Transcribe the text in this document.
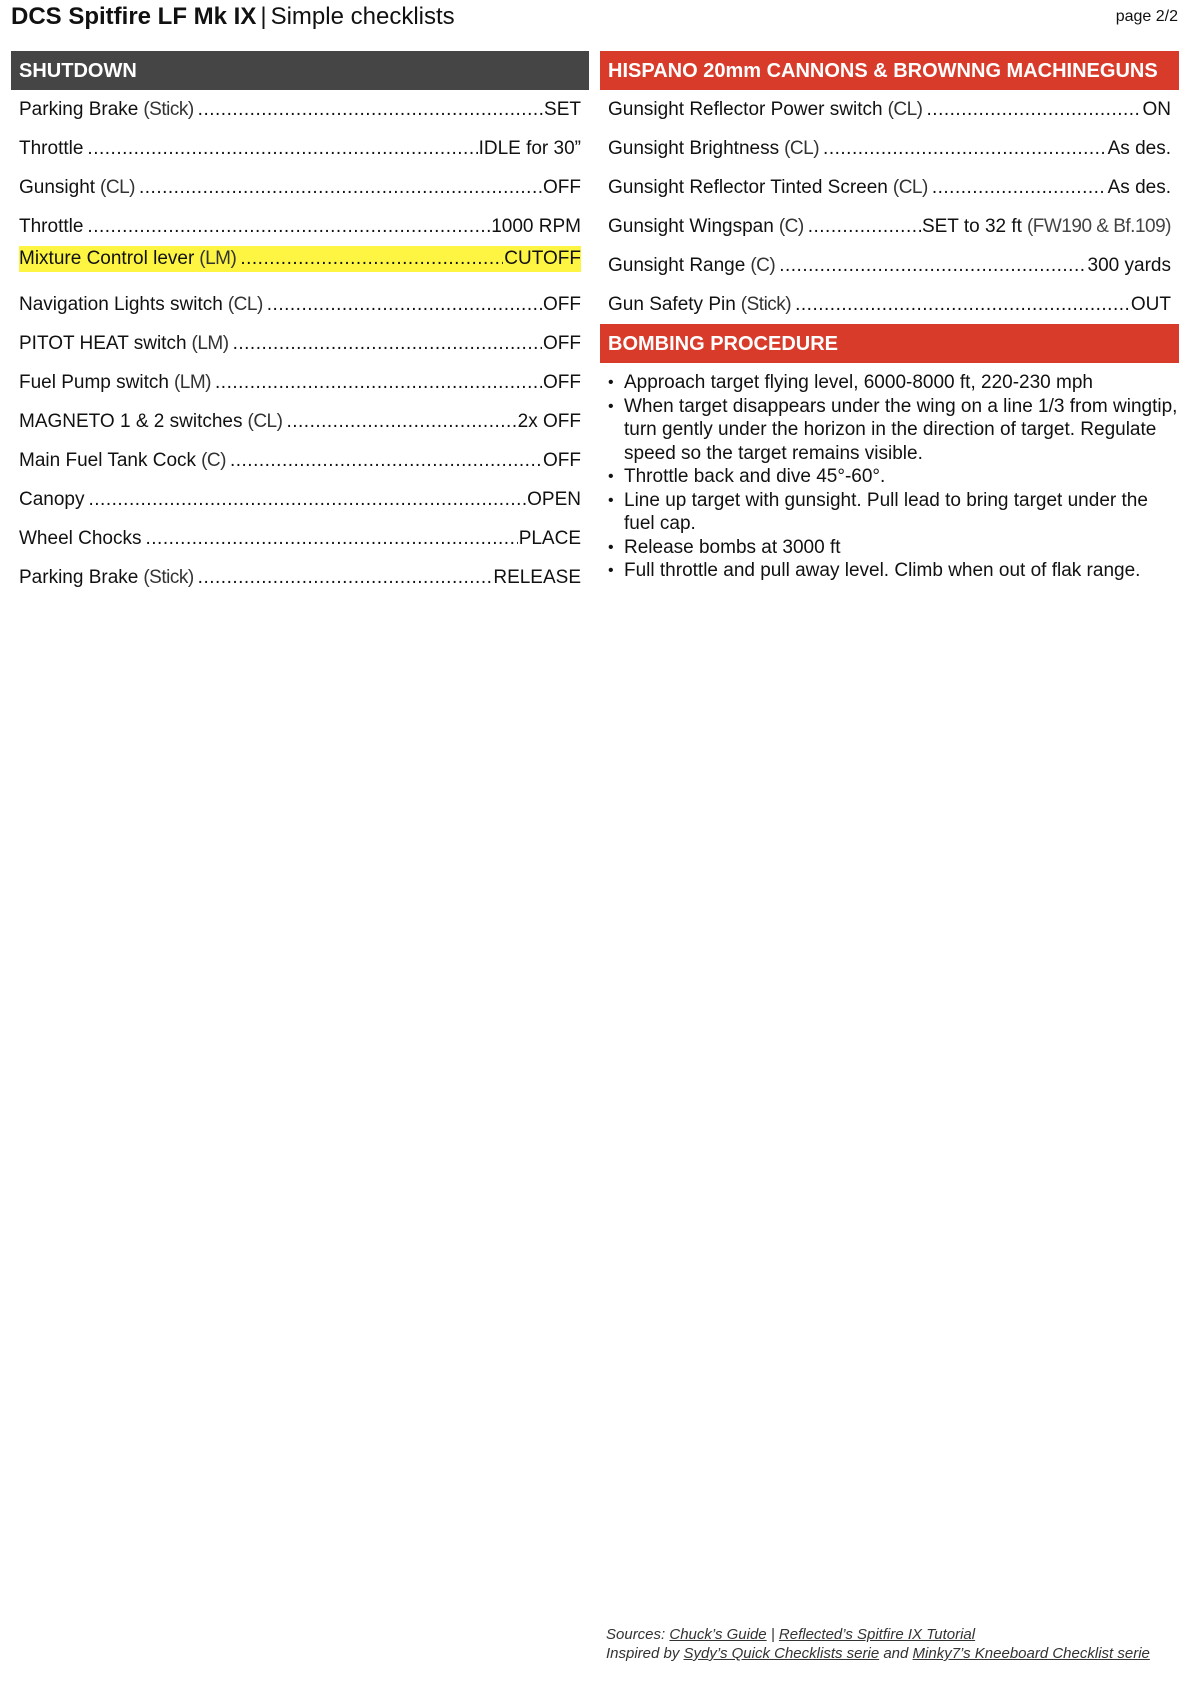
DCS Spitfire LF Mk IX | Simple checklists	page 2/2
SHUTDOWN
Parking Brake (Stick) .....	SET
Throttle .....	IDLE for 30”
Gunsight (CL) .....	OFF
Throttle .....	1000 RPM
Mixture Control lever (LM) .....	CUTOFF
Navigation Lights switch (CL) .....	OFF
PITOT HEAT switch (LM) .....	OFF
Fuel Pump switch (LM) .....	OFF
MAGNETO 1 & 2 switches (CL) .....	2x OFF
Main Fuel Tank Cock (C) .....	OFF
Canopy .....	OPEN
Wheel Chocks .....	PLACE
Parking Brake (Stick) .....	RELEASE
HISPANO 20mm CANNONS & BROWNNG MACHINEGUNS
Gunsight Reflector Power switch (CL) .....	ON
Gunsight Brightness (CL) .....	As des.
Gunsight Reflector Tinted Screen (CL) .....	As des.
Gunsight Wingspan (C) .....	SET to 32 ft (FW190 & Bf.109)
Gunsight Range (C) .....	300 yards
Gun Safety Pin (Stick) .....	OUT
BOMBING PROCEDURE
• Approach target flying level, 6000-8000 ft, 220-230 mph
• When target disappears under the wing on a line 1/3 from wingtip, turn gently under the horizon in the direction of target. Regulate speed so the target remains visible.
• Throttle back and dive 45°-60°.
• Line up target with gunsight. Pull lead to bring target under the fuel cap.
• Release bombs at 3000 ft
• Full throttle and pull away level. Climb when out of flak range.
Sources: Chuck’s Guide | Reflected’s Spitfire IX Tutorial
Inspired by Sydy’s Quick Checklists serie and Minky7’s Kneeboard Checklist serie
